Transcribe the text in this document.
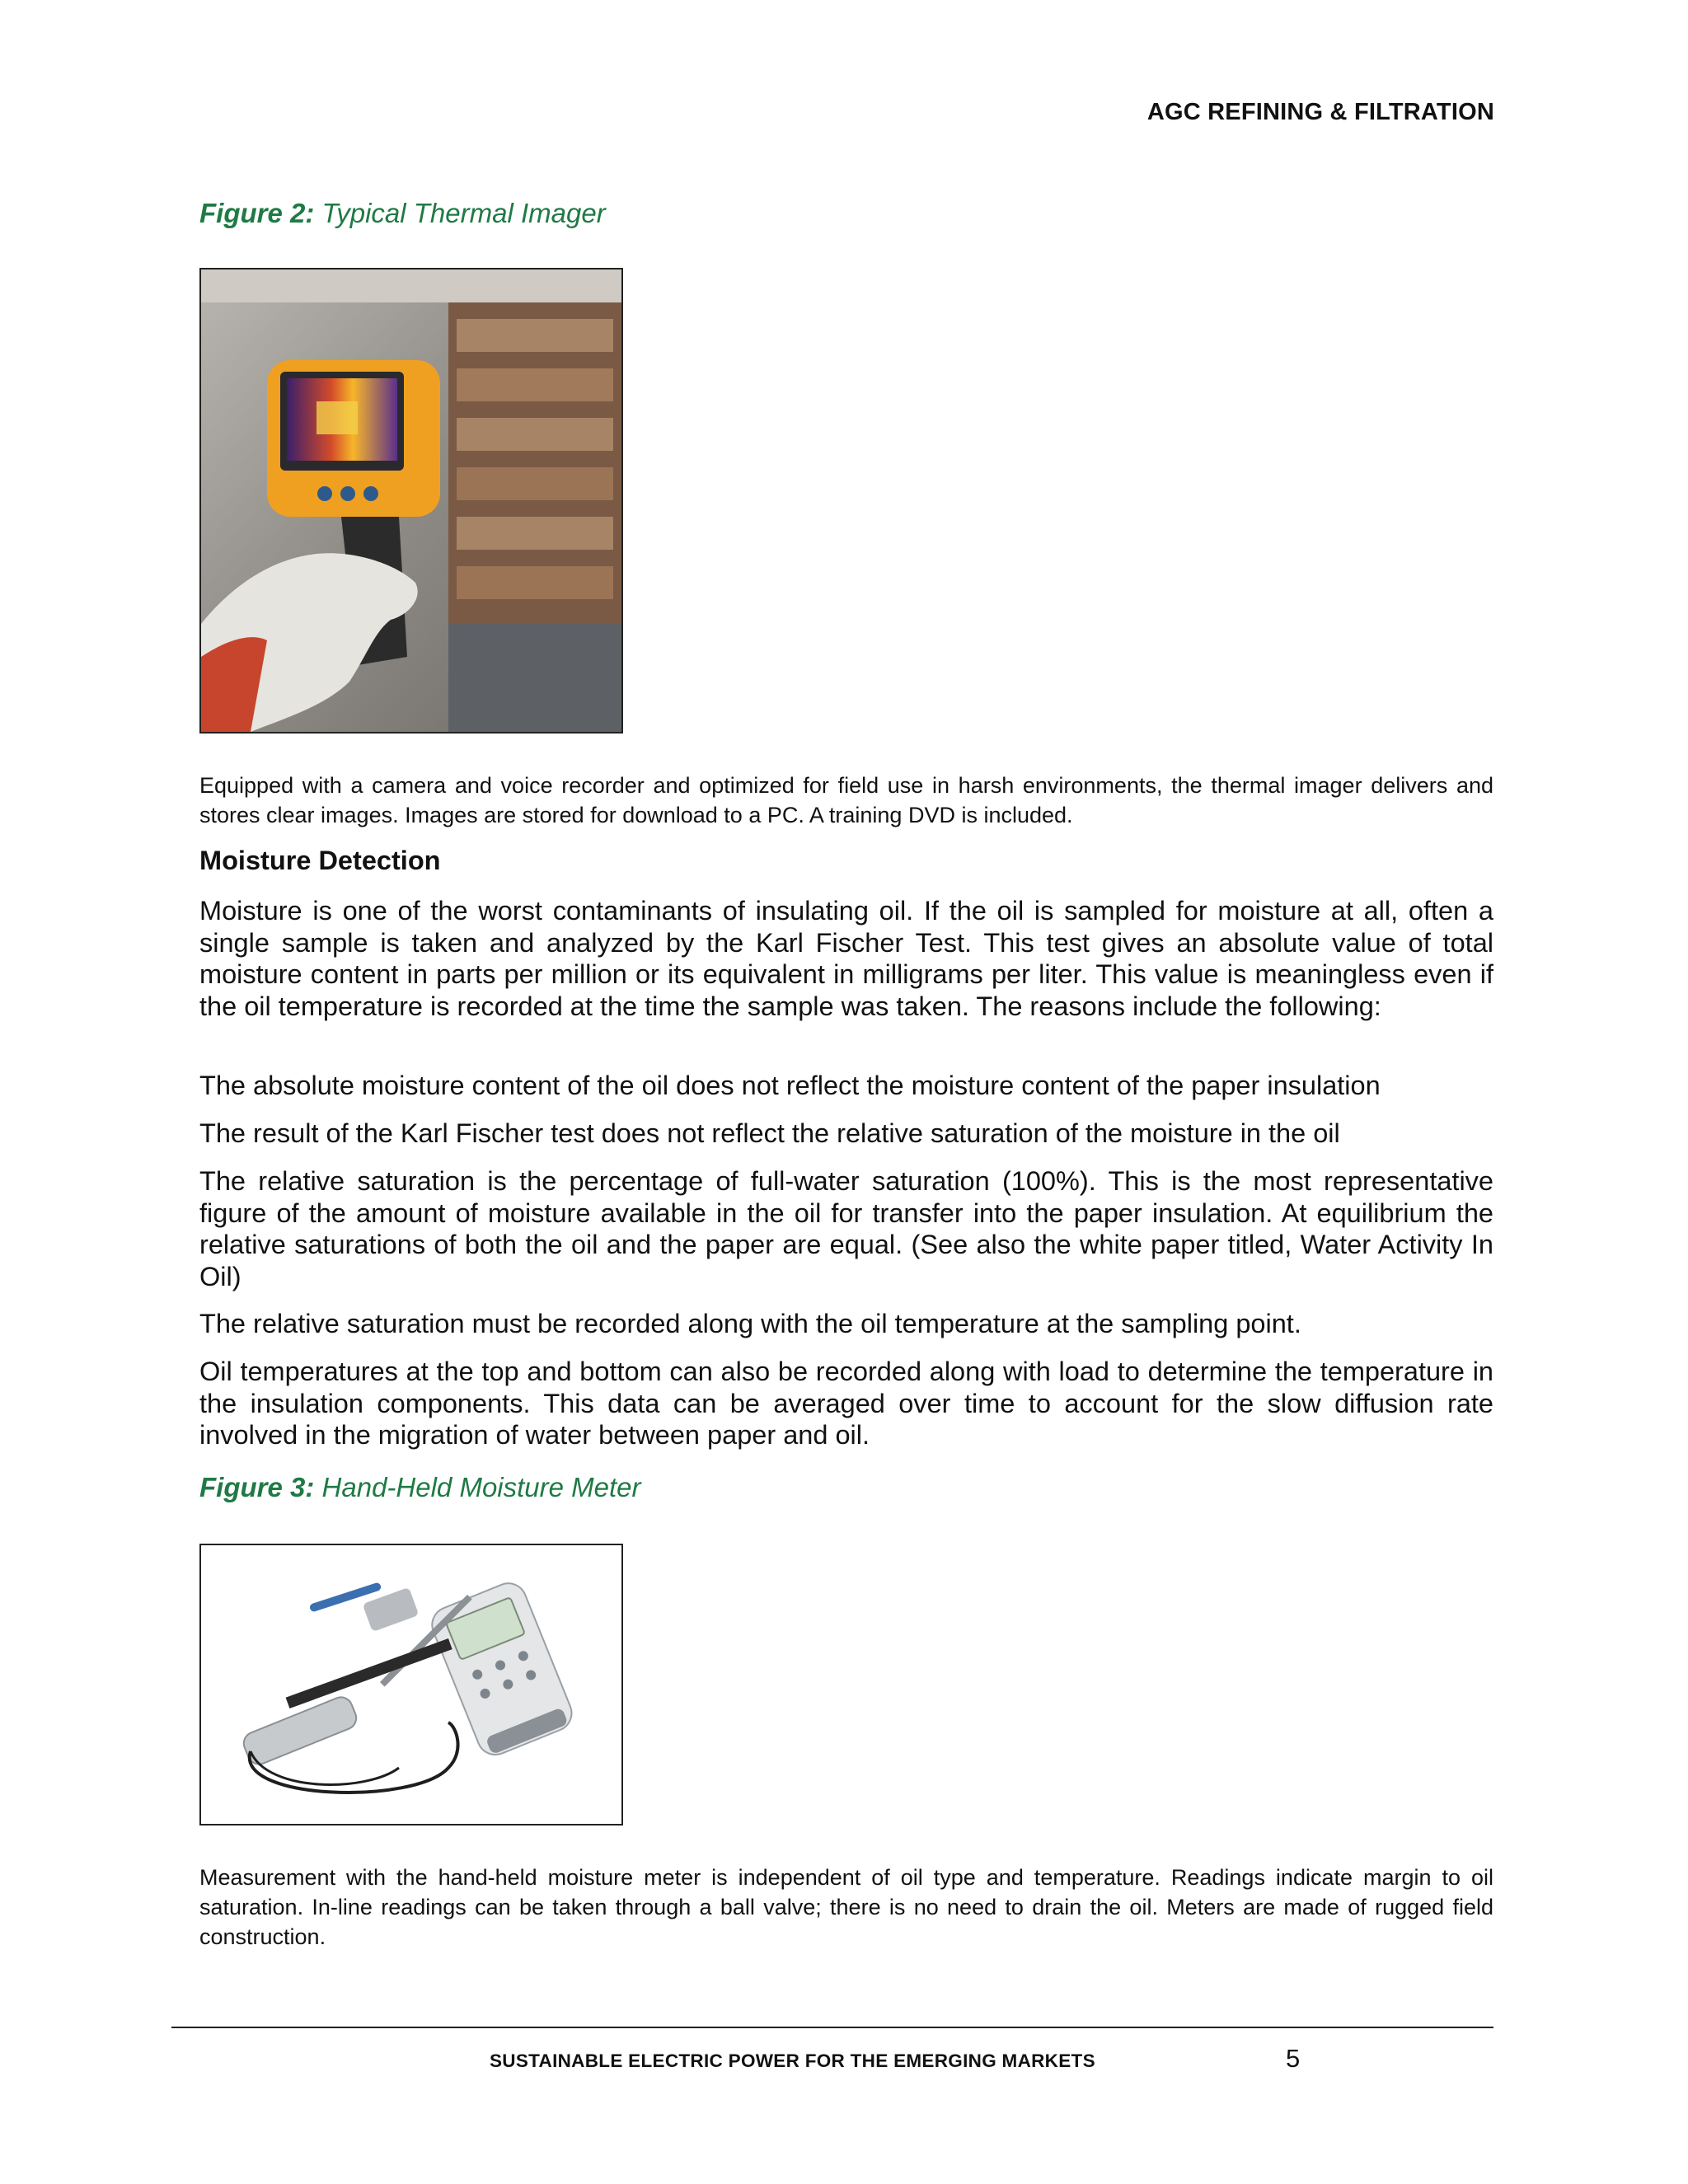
AGC REFINING & FILTRATION
Figure 2: Typical Thermal Imager

Equipped with a camera and voice recorder and optimized for field use in harsh environments, the thermal imager delivers and stores clear images. Images are stored for download to a PC. A training DVD is included.

Moisture Detection

Moisture is one of the worst contaminants of insulating oil. If the oil is sampled for moisture at all, often a single sample is taken and analyzed by the Karl Fischer Test. This test gives an absolute value of total moisture content in parts per million or its equivalent in milligrams per liter. This value is meaningless even if the oil temperature is recorded at the time the sample was taken. The reasons include the following:

The absolute moisture content of the oil does not reflect the moisture content of the paper insulation

The result of the Karl Fischer test does not reflect the relative saturation of the moisture in the oil

The relative saturation is the percentage of full-water saturation (100%). This is the most representative figure of the amount of moisture available in the oil for transfer into the paper insulation. At equilibrium the relative saturations of both the oil and the paper are equal. (See also the white paper titled, Water Activity In Oil)

The relative saturation must be recorded along with the oil temperature at the sampling point.

Oil temperatures at the top and bottom can also be recorded along with load to determine the temperature in the insulation components. This data can be averaged over time to account for the slow diffusion rate involved in the migration of water between paper and oil.

Figure 3: Hand-Held Moisture Meter

Measurement with the hand-held moisture meter is independent of oil type and temperature. Readings indicate margin to oil saturation. In-line readings can be taken through a ball valve; there is no need to drain the oil. Meters are made of rugged field construction.

SUSTAINABLE ELECTRIC POWER FOR THE EMERGING MARKETS	5
